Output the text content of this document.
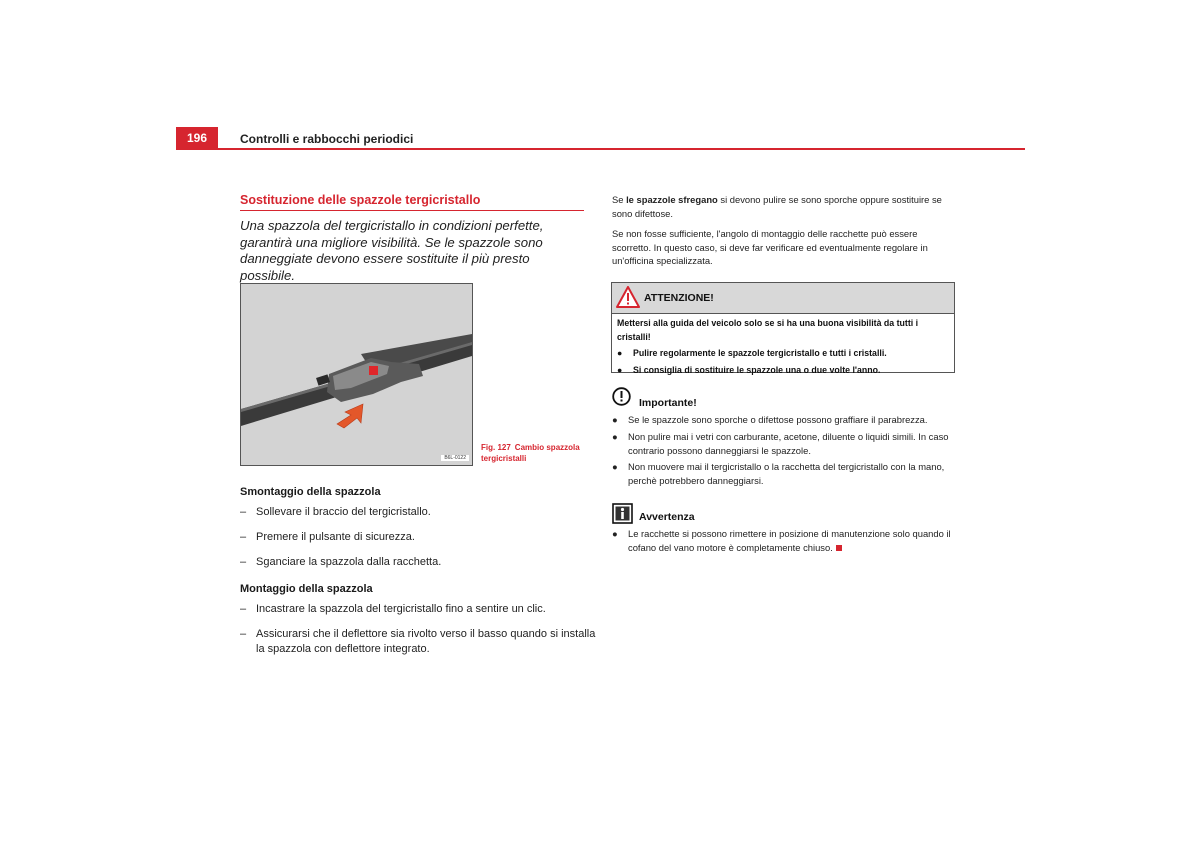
196	Controlli e rabbocchi periodici
Sostituzione delle spazzole tergicristallo
Una spazzola del tergicristallo in condizioni perfette, garantirà una migliore visibilità. Se le spazzole sono danneggiate devono essere sostituite il più presto possibile.
B6L-0122
Fig. 127 Cambio spazzola tergicristalli
Smontaggio della spazzola
– Sollevare il braccio del tergicristallo.
– Premere il pulsante di sicurezza.
– Sganciare la spazzola dalla racchetta.
Montaggio della spazzola
– Incastrare la spazzola del tergicristallo fino a sentire un clic.
– Assicurarsi che il deflettore sia rivolto verso il basso quando si installa la spazzola con deflettore integrato.
Se le spazzole sfregano si devono pulire se sono sporche oppure sostituire se sono difettose.
Se non fosse sufficiente, l'angolo di montaggio delle racchette può essere scorretto. In questo caso, si deve far verificare ed eventualmente regolare in un'officina specializzata.
ATTENZIONE!
Mettersi alla guida del veicolo solo se si ha una buona visibilità da tutti i cristalli!
● Pulire regolarmente le spazzole tergicristallo e tutti i cristalli.
● Si consiglia di sostituire le spazzole una o due volte l'anno.
Importante!
● Se le spazzole sono sporche o difettose possono graffiare il parabrezza.
● Non pulire mai i vetri con carburante, acetone, diluente o liquidi simili. In caso contrario possono danneggiarsi le spazzole.
● Non muovere mai il tergicristallo o la racchetta del tergicristallo con la mano, perchè potrebbero danneggiarsi.
Avvertenza
● Le racchette si possono rimettere in posizione di manutenzione solo quando il cofano del vano motore è completamente chiuso.
